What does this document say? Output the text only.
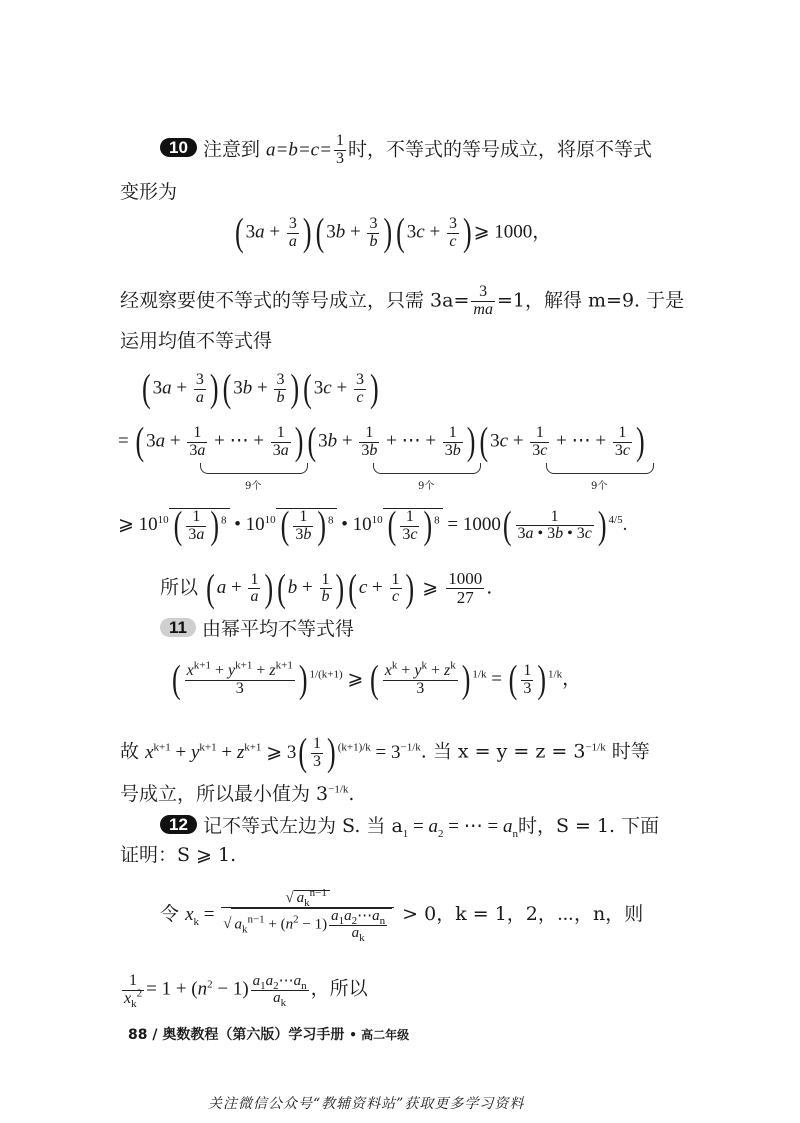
10 注意到 $a=b=c= \frac{1}{3}$ 时，不等式的等号成立，将原不等式
变形为
( $3a + \frac{3}{a}$ ) ( $3b + \frac{3}{b}$ ) ( $3c + \frac{3}{c}$ ) ⩾ 1000，
经观察要使不等式的等号成立，只需 $3a= \frac{3}{ma} =1$，解得 m=9. 于是
运用均值不等式得
( $3a + \frac{3}{a}$ ) ( $3b + \frac{3}{b}$ ) ( $3c + \frac{3}{c}$ )
= ( $3a + \frac{1}{3a}$ + ⋯ + $\frac{1}{3a}$ ) ( $3b + \frac{1}{3b}$ + ⋯ + $\frac{1}{3b}$ ) ( $3c + \frac{1}{3c}$ + ⋯ + $\frac{1}{3c}$ )
9个	9个	9个
⩾ $10^{10}$ ( $\frac{1}{3a}$ ) $^8$ • $10^{10}$ ( $\frac{1}{3b}$ ) $^8$ • $10^{10}$ ( $\frac{1}{3c}$ ) $^8 = 1000( \frac{1}{3a • 3b • 3c}$ ) $^{4/5}$.
所以 ( $a + \frac{1}{a}$ ) ( $b + \frac{1}{b}$ ) ( $c + \frac{1}{c}$ ) ⩾ $\frac{1000}{27}$ .
11 由幂平均不等式得
( $\frac{x^{k+1} + y^{k+1} + z^{k+1}}{3}$ ) $^{1/(k+1)}$ ⩾ ( $\frac{x^k + y^k + z^k}{3}$ ) $^{1/k}$ = ( $\frac{1}{3}$ ) $^{1/k}$，
故 $x^{k+1} + y^{k+1} + z^{k+1}$ ⩾ $3( \frac{1}{3}$ ) $^{(k+1)/k} = 3^{-1/k}$. 当 $x = y = z = 3^{-1/k}$ 时等
号成立，所以最小值为 $3^{-1/k}$.
12 记不等式左边为 S. 当 $a_1 = a_2$ = ⋯ = $a_n$时，S = 1. 下面
证明：S ⩾ 1.
令 $x_k = \frac{√ a_k^{n-1}}{√ a_k^{n-1} + (n^2 - 1) \frac{a_1a_2\cdots a_n}{a_k}} > 0$，k = 1，2，⋯，n，则
$\frac{1}{x_k^2} = 1 + (n^2 - 1) \frac{a_1a_2\cdots a_n}{a_k}$ ，所以
88 / 奥数教程（第六版）学习手册 • 高二年级
关注微信公众号“教辅资料站”获取更多学习资料
